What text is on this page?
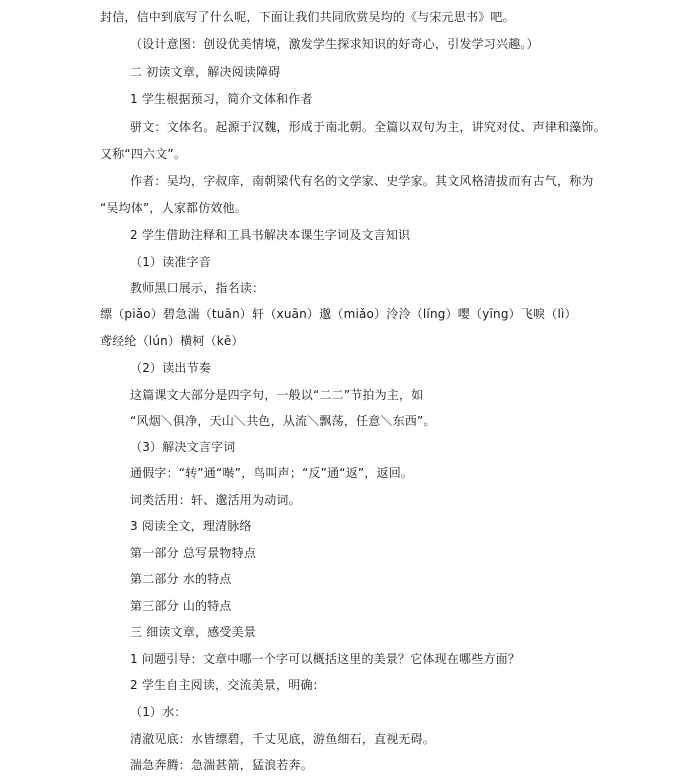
封信，信中到底写了什么呢，下面让我们共同欣赏吴均的《与宋元思书》吧。
（设计意图：创设优美情境，激发学生探求知识的好奇心，引发学习兴趣。）
二 初读文章，解决阅读障碍
1 学生根据预习，简介文体和作者
骈文：文体名。起源于汉魏，形成于南北朝。全篇以双句为主，讲究对仗、声律和藻饰。
又称“四六文”。
作者：吴均，字叔庠，南朝梁代有名的文学家、史学家。其文风格清拔而有古气，称为
“吴均体”，人家都仿效他。
2 学生借助注释和工具书解决本课生字词及文言知识
（1）读准字音
教师黑口展示，指名读：
缥（piǎo）碧急湍（tuān）轩（xuān）邈（miǎo）泠泠（líng）嘤（yīng）飞唳（lì）
鸢经纶（lún）横柯（kē）
（2）读出节奏
这篇课文大部分是四字句，一般以“二二”节拍为主，如
“风烟＼俱净，天山＼共色，从流＼飘荡，任意＼东西”。
（3）解决文言字词
通假字：“转”通“啭”，鸟叫声；“反”通“返”，返回。
词类活用：轩、邈活用为动词。
3 阅读全文，理清脉络
第一部分 总写景物特点
第二部分 水的特点
第三部分 山的特点
三 细读文章，感受美景
1 问题引导：文章中哪一个字可以概括这里的美景？它体现在哪些方面？
2 学生自主阅读，交流美景，明确：
（1）水：
清澈见底：水皆缥碧，千丈见底，游鱼细石，直视无碍。
湍急奔腾：急湍甚箭，猛浪若奔。
